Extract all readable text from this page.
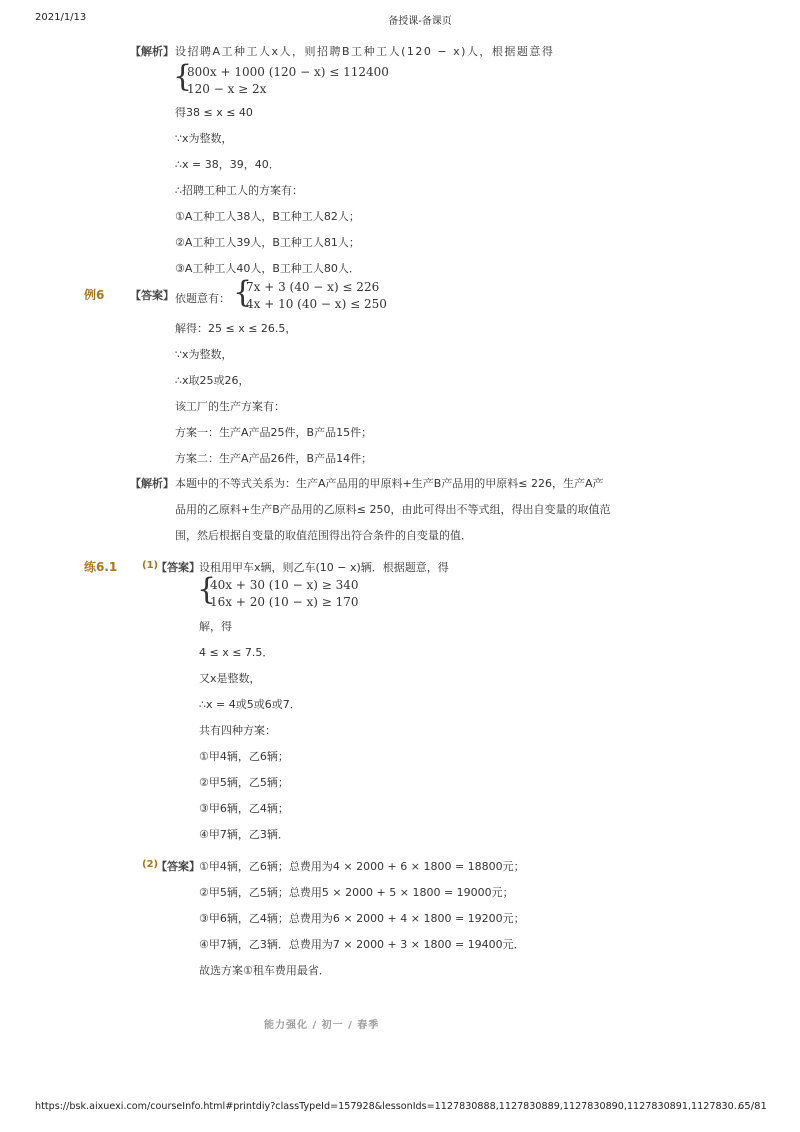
2021/1/13	备授课-备课页
【解析】 设招聘A工种工人x人，则招聘B工种工人(120 − x)人，根据题意得
{
800x + 1000 (120 − x) ≤ 112400
120 − x ≥ 2x
得38 ≤ x ≤ 40
∵x为整数，
∴x = 38，39，40．
∴招聘工种工人的方案有：
①A工种工人38人，B工种工人82人；
②A工种工人39人，B工种工人81人；
③A工种工人40人，B工种工人80人．
例6 【答案】 依题意有： {
7x + 3 (40 − x) ≤ 226
4x + 10 (40 − x) ≤ 250
解得：25 ≤ x ≤ 26.5，
∵x为整数，
∴x取25或26，
该工厂的生产方案有：
方案一：生产A产品25件，B产品15件；
方案二：生产A产品26件，B产品14件；
【解析】 本题中的不等式关系为：生产A产品用的甲原料+生产B产品用的甲原料≤ 226，生产A产
品用的乙原料+生产B产品用的乙原料≤ 250，由此可得出不等式组，得出自变量的取值范
围，然后根据自变量的取值范围得出符合条件的自变量的值．
练6.1 (1)
【答案】 设租用甲车x辆，则乙车(10 − x)辆．根据题意，得
{
40x + 30 (10 − x) ≥ 340
16x + 20 (10 − x) ≥ 170
解，得
4 ≤ x ≤ 7.5．
又x是整数，
∴x = 4或5或6或7．
共有四种方案：
①甲4辆，乙6辆；
②甲5辆，乙5辆；
③甲6辆，乙4辆；
④甲7辆，乙3辆．
(2)
【答案】 ①甲4辆，乙6辆；总费用为4 × 2000 + 6 × 1800 = 18800元；
②甲5辆，乙5辆；总费用5 × 2000 + 5 × 1800 = 19000元；
③甲6辆，乙4辆；总费用为6 × 2000 + 4 × 1800 = 19200元；
④甲7辆，乙3辆．总费用为7 × 2000 + 3 × 1800 = 19400元．
故选方案①租车费用最省．
能力强化 / 初一 / 春季
https://bsk.aixuexi.com/courseInfo.html#printdiy?classTypeId=157928&lessonIds=1127830888,1127830889,1127830890,1127830891,1127830…
65/81
